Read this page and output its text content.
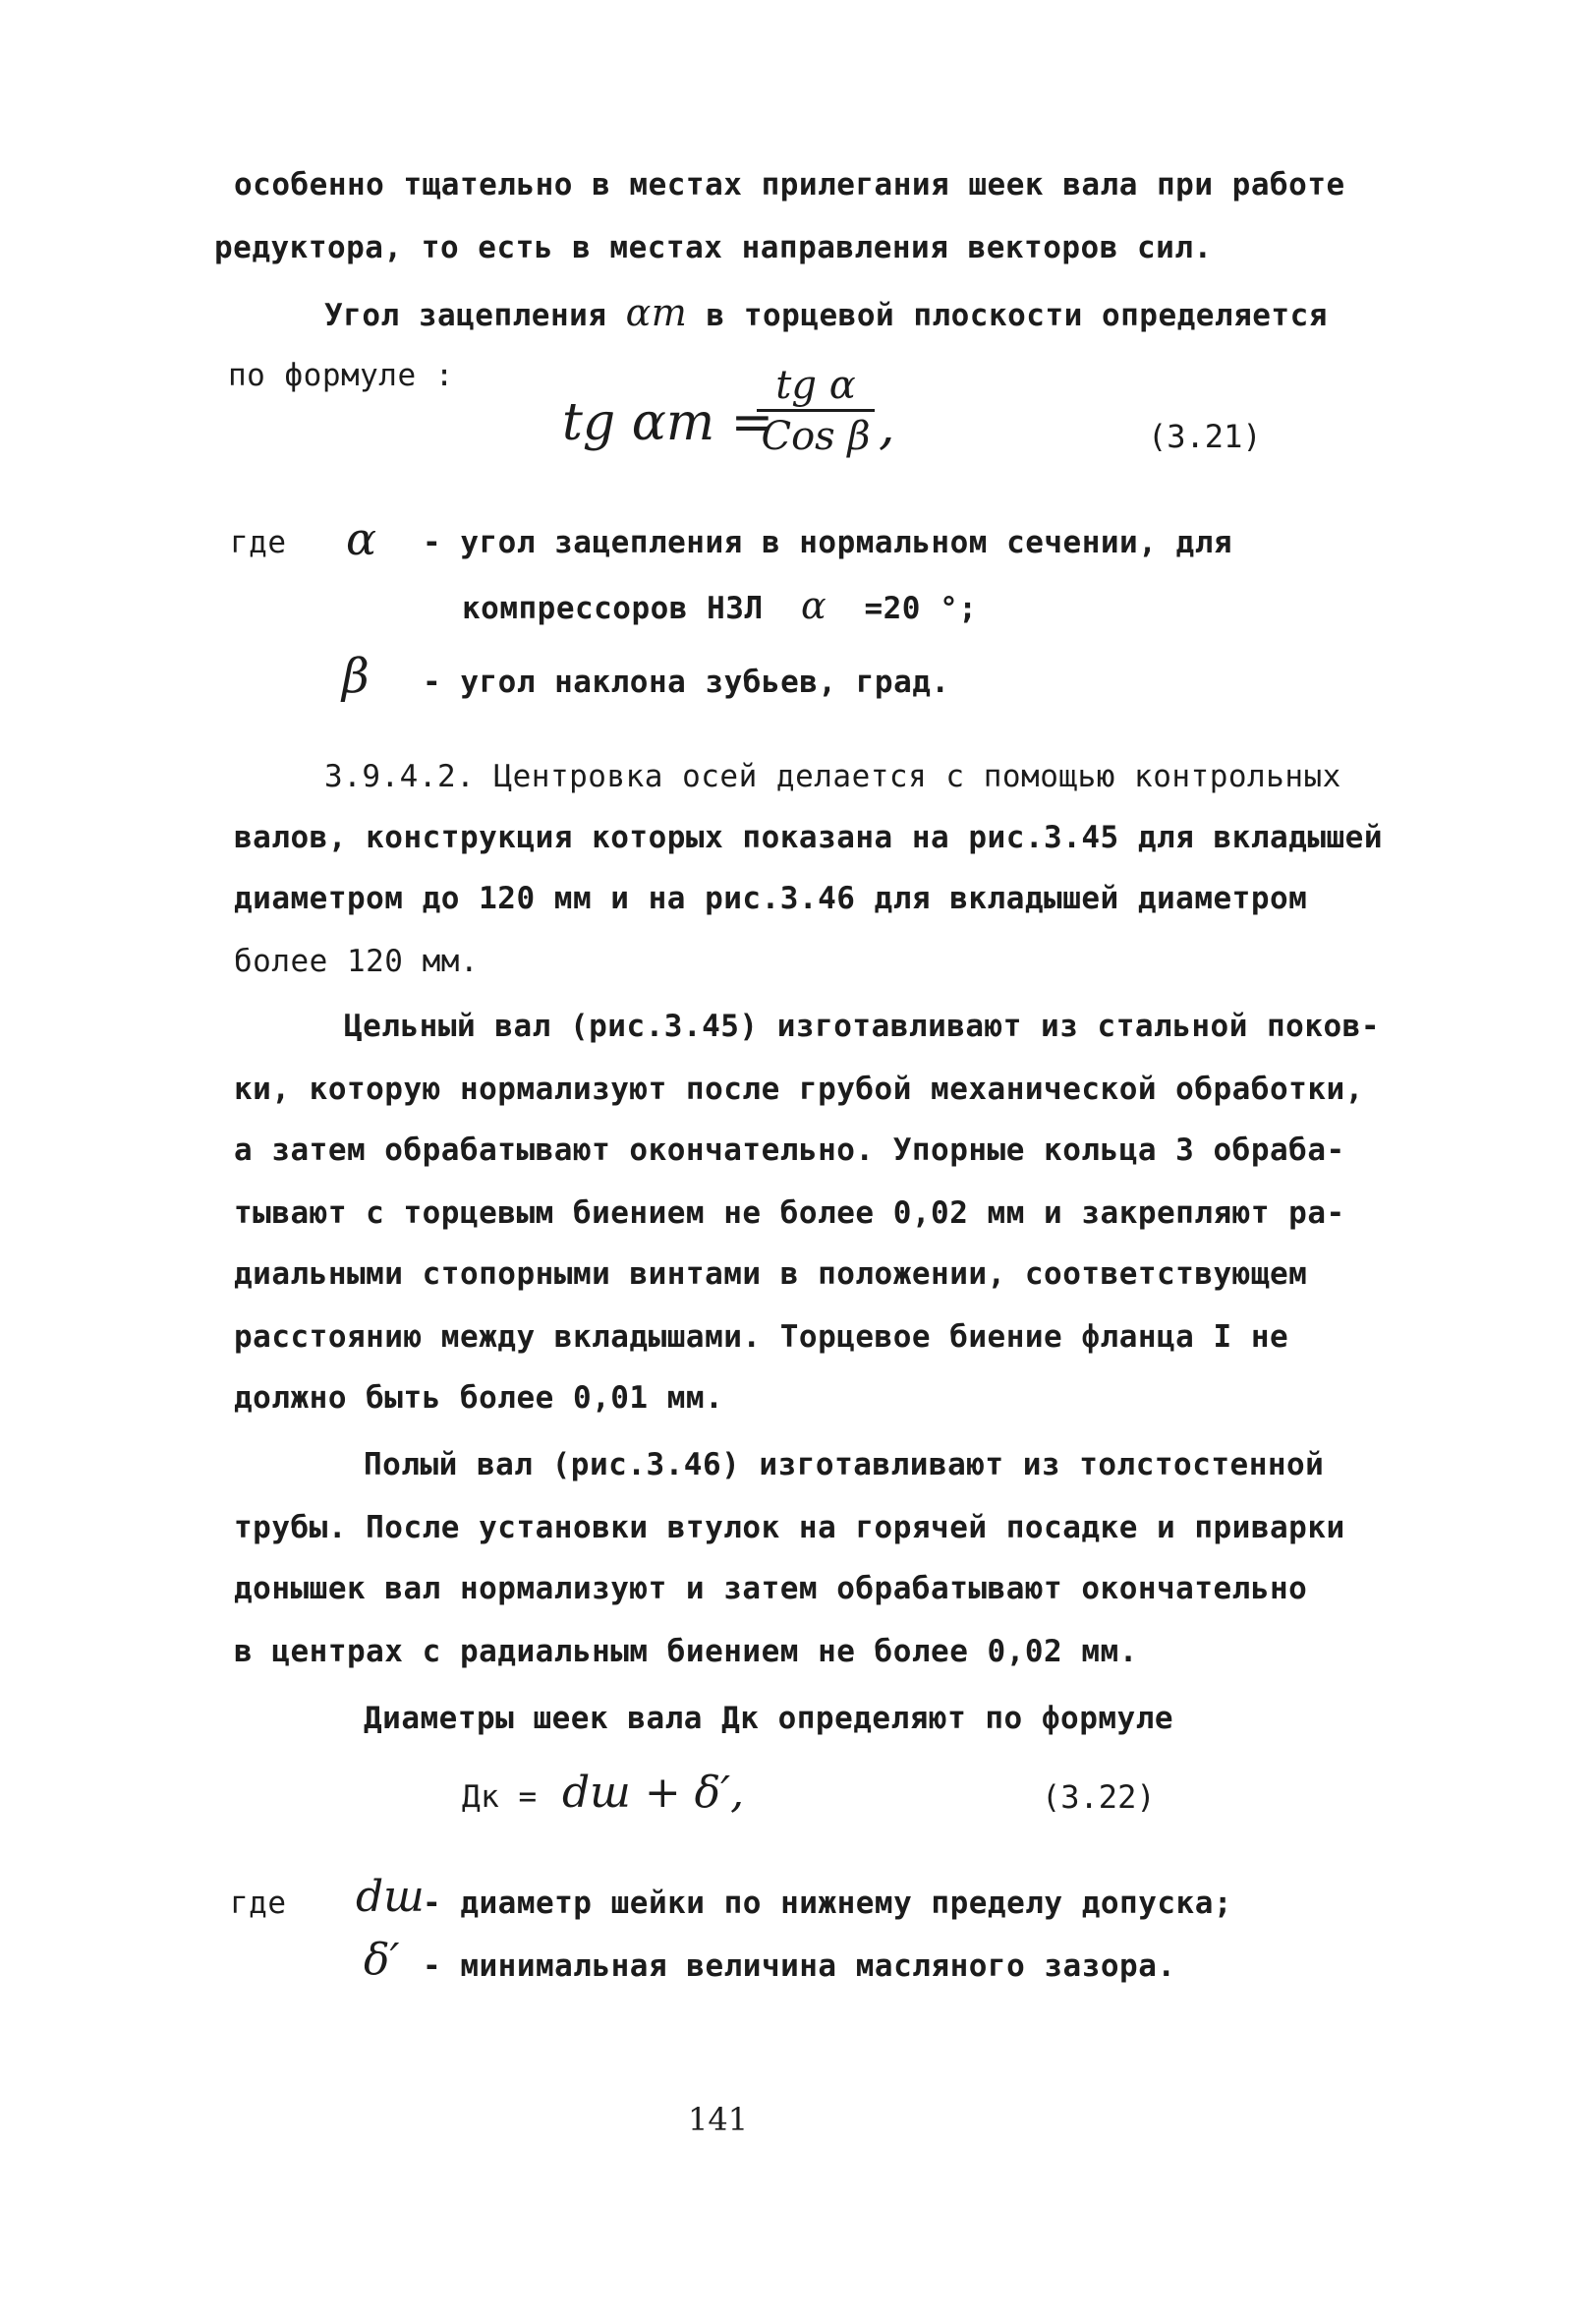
особенно тщательно в местах прилегания шеек вала при работе
редуктора, то есть в местах направления векторов сил.
Угол зацепления αm в торцевой плоскости определяется
по формуле :
tg αm =
tg α
Cos β ,	(3.21)
где α - угол зацепления в нормальном сечении, для
компрессоров НЗЛ α =20 °;
β - угол наклона зубьев, град.
3.9.4.2. Центровка осей делается с помощью контрольных
валов, конструкция которых показана на рис.3.45 для вкладышей
диаметром до 120 мм и на рис.3.46 для вкладышей диаметром
более 120 мм.
Цельный вал (рис.3.45) изготавливают из стальной поков-
ки, которую нормализуют после грубой механической обработки,
а затем обрабатывают окончательно. Упорные кольца 3 обраба-
тывают с торцевым биением не более 0,02 мм и закрепляют ра-
диальными стопорными винтами в положении, соответствующем
расстоянию между вкладышами. Торцевое биение фланца I не
должно быть более 0,01 мм.
Полый вал (рис.3.46) изготавливают из толстостенной
трубы. После установки втулок на горячей посадке и приварки
донышек вал нормализуют и затем обрабатывают окончательно
в центрах с радиальным биением не более 0,02 мм.
Диаметры шеек вала Дк определяют по формуле
Дк = dш + δ′,	(3.22)
где dш
- диаметр шейки по нижнему пределу допуска;
δ′ - минимальная величина масляного зазора.
141
